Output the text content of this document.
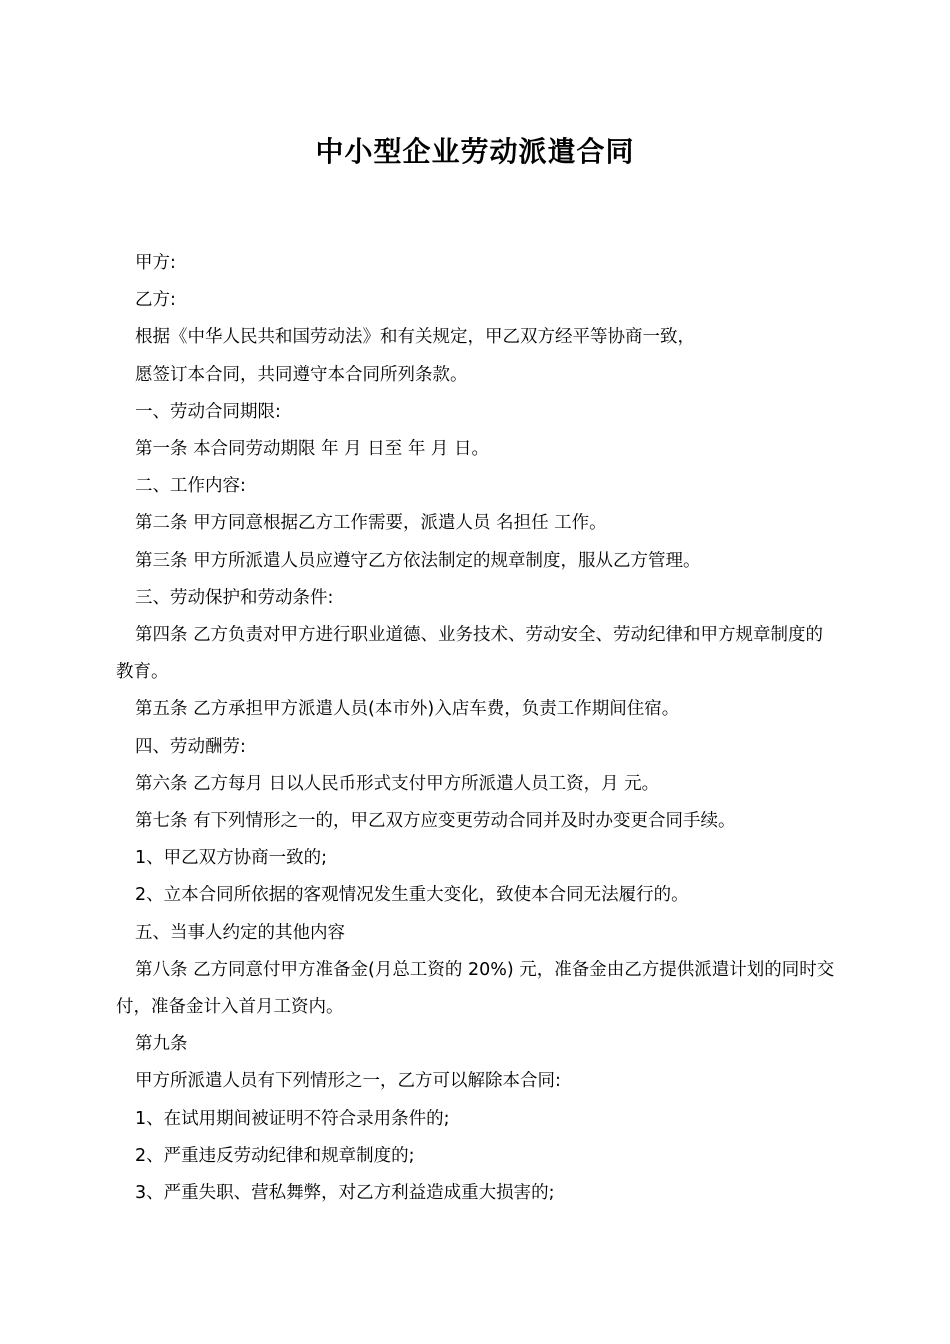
中小型企业劳动派遣合同

甲方:

乙方:

根据《中华人民共和国劳动法》和有关规定，甲乙双方经平等协商一致，

愿签订本合同，共同遵守本合同所列条款。

一、劳动合同期限:

第一条 本合同劳动期限 年 月 日至 年 月 日。

二、工作内容:

第二条 甲方同意根据乙方工作需要，派遣人员 名担任 工作。

第三条 甲方所派遣人员应遵守乙方依法制定的规章制度，服从乙方管理。

三、劳动保护和劳动条件:

第四条 乙方负责对甲方进行职业道德、业务技术、劳动安全、劳动纪律和甲方规章制度的教育。

第五条 乙方承担甲方派遣人员(本市外)入店车费，负责工作期间住宿。

四、劳动酬劳:

第六条 乙方每月 日以人民币形式支付甲方所派遣人员工资，月 元。

第七条 有下列情形之一的，甲乙双方应变更劳动合同并及时办变更合同手续。

1、甲乙双方协商一致的;

2、立本合同所依据的客观情况发生重大变化，致使本合同无法履行的。

五、当事人约定的其他内容

第八条 乙方同意付甲方准备金(月总工资的 20%) 元，准备金由乙方提供派遣计划的同时交付，准备金计入首月工资内。

第九条

甲方所派遣人员有下列情形之一，乙方可以解除本合同:

1、在试用期间被证明不符合录用条件的;

2、严重违反劳动纪律和规章制度的;

3、严重失职、营私舞弊，对乙方利益造成重大损害的;
